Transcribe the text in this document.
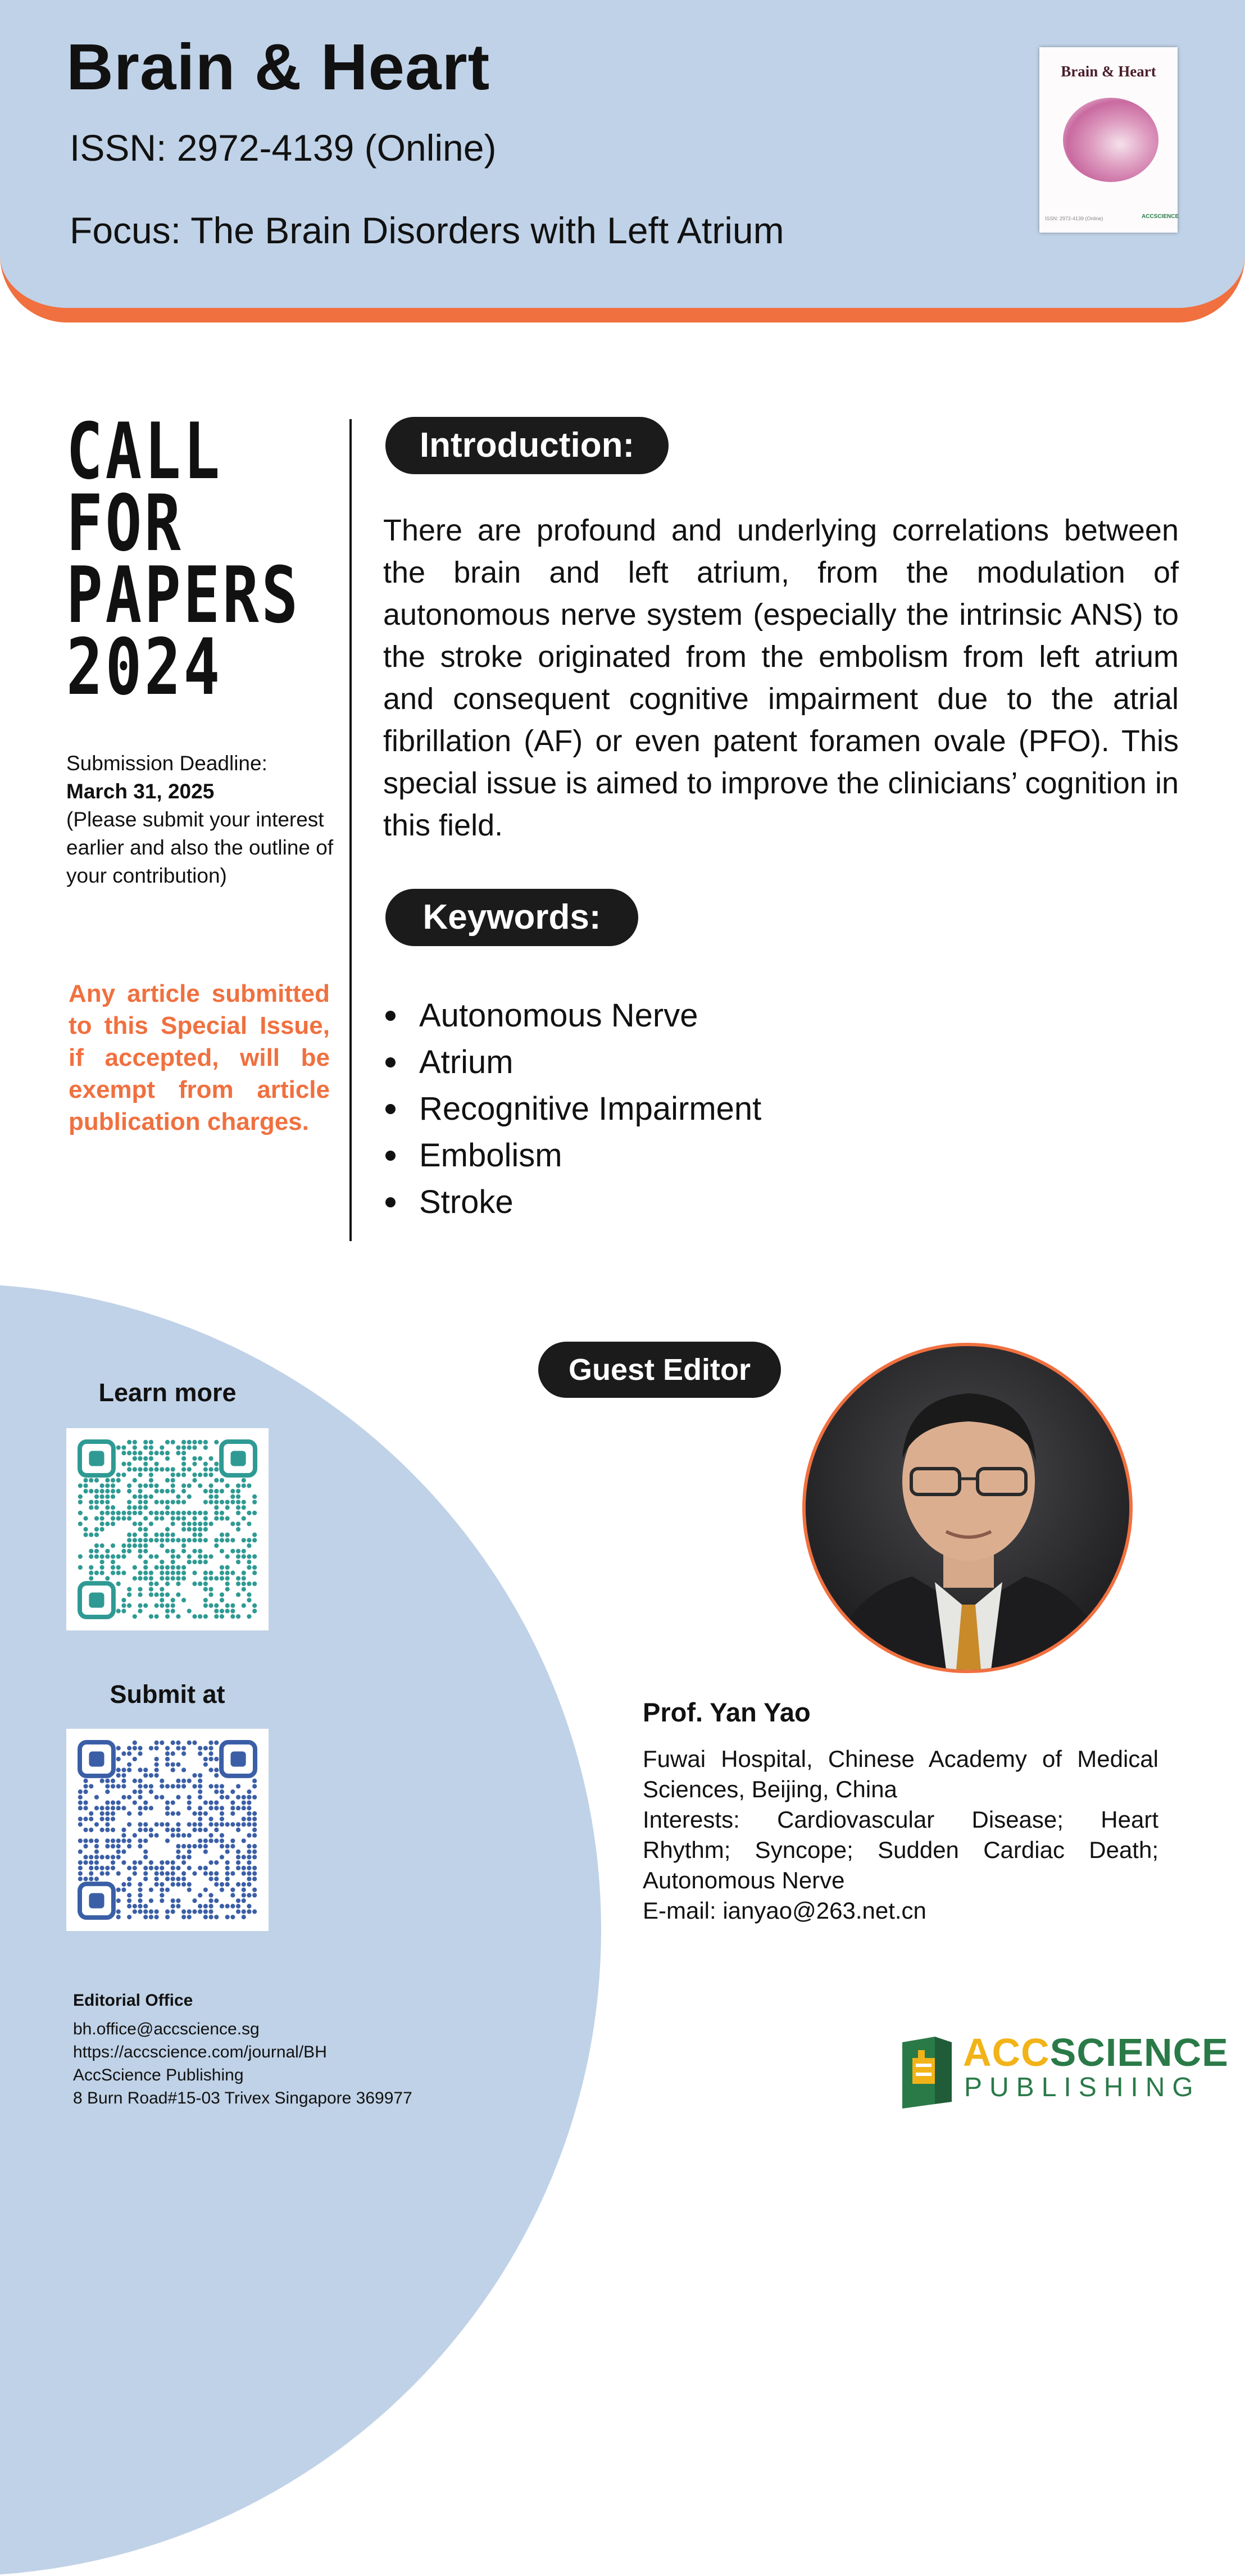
Brain & Heart
ISSN: 2972-4139 (Online)
Focus: The Brain Disorders with Left Atrium
Brain & Heart
ISSN: 2972-4139 (Online)	ACCSCIENCE
CALL
FOR
PAPERS
2024
Submission Deadline:
March 31, 2025
(Please submit your interest earlier and also the outline of your contribution)
Any article submitted to this Special Issue, if accepted, will be exempt from article publication charges.
Introduction:
There are profound and underlying correlations between the brain and left atrium, from the modulation of autonomous nerve system (especially the intrinsic ANS) to the stroke originated from the embolism from left atrium and consequent cognitive impairment due to the atrial fibrillation (AF) or even patent foramen ovale (PFO). This special issue is aimed to improve the clinicians’ cognition in this field.
Keywords:
Autonomous Nerve
Atrium
Recognitive Impairment
Embolism
Stroke
Learn more
Submit at
Editorial Office
bh.office@accscience.sg
https://accscience.com/journal/BH
AccScience Publishing
8 Burn Road#15-03 Trivex Singapore 369977
Guest Editor
Prof. Yan Yao
Fuwai Hospital, Chinese Academy of Medical Sciences, Beijing, China
Interests: Cardiovascular Disease; Heart Rhythm; Syncope; Sudden Cardiac Death; Autonomous Nerve
E-mail: ianyao@263.net.cn
ACCSCIENCE
PUBLISHING
